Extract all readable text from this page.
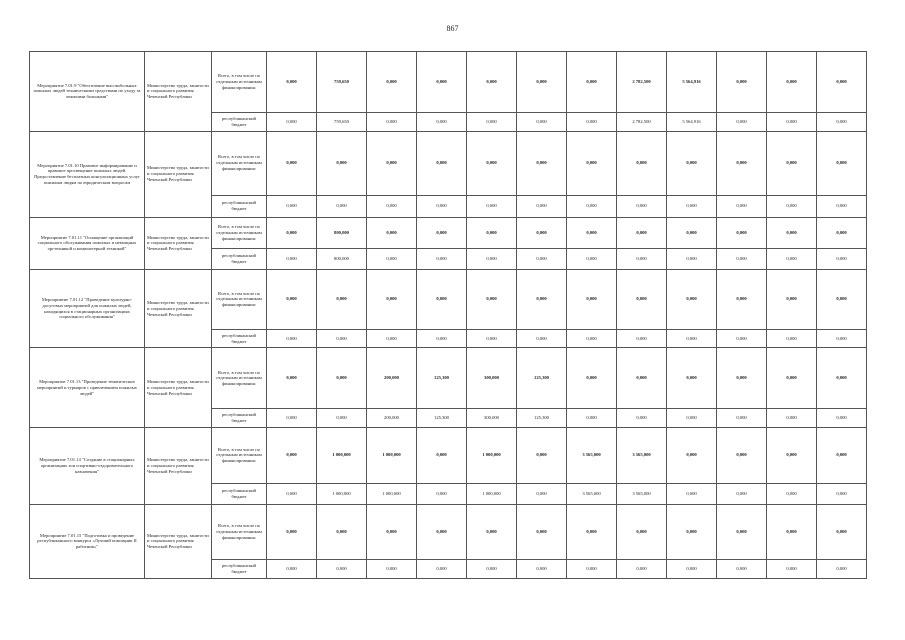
867
Мероприятие 7.01.9 "Обеспечение высокобольных пожилых людей техническими средствами по уходу за лежачими больными"	Министерство труда, занятости и социального развития Чеченской Республики	Всего, в том числе по отдельным источникам финансирования:	0,000	759,650	0,000	0,000	0,000	0,000	0,000	2 782,500	5 564,916	0,000	0,000	0,000
		республиканский бюджет	0,000	759,650	0,000	0,000	0,000	0,000	0,000	2 782,500	5 564,916	0,000	0,000	0,000
Мероприятие 7.01.10 Правовое информирование и правовое просвещение пожилых людей. Предоставление бесплатных консультационных услуг пожилым людям по юридическим вопросам	Министерство труда, занятости и социального развития Чеченской Республики	Всего, в том числе по отдельным источникам финансирования:	0,000	0,000	0,000	0,000	0,000	0,000	0,000	0,000	0,000	0,000	0,000	0,000
		республиканский бюджет	0,000	0,000	0,000	0,000	0,000	0,000	0,000	0,000	0,000	0,000	0,000	0,000
Мероприятие 7.01.11 "Оснащение организаций социального обслуживания пожилых и немощных оргтехникой и компьютерной техникой"	Министерство труда, занятости и социального развития Чеченской Республики	Всего, в том числе по отдельным источникам финансирования:	0,000	800,000	0,000	0,000	0,000	0,000	0,000	0,000	0,000	0,000	0,000	0,000
		республиканский бюджет	0,000	800,000	0,000	0,000	0,000	0,000	0,000	0,000	0,000	0,000	0,000	0,000
Мероприятие 7.01.12 "Проведение культурно-досуговых мероприятий для пожилых людей, находящихся в стационарных организациях социального обслуживания"	Министерство труда, занятости и социального развития Чеченской Республики	Всего, в том числе по отдельным источникам финансирования:	0,000	0,000	0,000	0,000	0,000	0,000	0,000	0,000	0,000	0,000	0,000	0,000
		республиканский бюджет	0,000	0,000	0,000	0,000	0,000	0,000	0,000	0,000	0,000	0,000	0,000	0,000
Мероприятие 7.01.13 "Проведение тематических мероприятий и турниров с привлечением пожилых людей"	Министерство труда, занятости и социального развития Чеченской Республики	Всего, в том числе по отдельным источникам финансирования:	0,000	0,000	200,000	125,300	300,000	125,300	0,000	0,000	0,000	0,000	0,000	0,000
		республиканский бюджет	0,000	0,000	200,000	125,300	300,000	125,300	0,000	0,000	0,000	0,000	0,000	0,000
Мероприятие 7.01.14 "Создание в стационарных организациях зон спортивно-оздоровительного назначения"	Министерство труда, занятости и социального развития Чеченской Республики	Всего, в том числе по отдельным источникам финансирования:	0,000	1 000,000	1 000,000	0,000	1 000,000	0,000	3 565,000	3 565,000	0,000	0,000	0,000	0,000
		республиканский бюджет	0,000	1 000,000	1 000,000	0,000	1 000,000	0,000	3 565,000	3 565,000	0,000	0,000	0,000	0,000
Мероприятие 7.01.15 "Подготовка и проведение республиканского конкурса «Лучший помощник II работник»"	Министерство труда, занятости и социального развития Чеченской Республики	Всего, в том числе по отдельным источникам финансирования:	0,000	0,000	0,000	0,000	0,000	0,000	0,000	0,000	0,000	0,000	0,000	0,000
		республиканский бюджет	0,000	0,000	0,000	0,000	0,000	0,000	0,000	0,000	0,000	0,000	0,000	0,000
